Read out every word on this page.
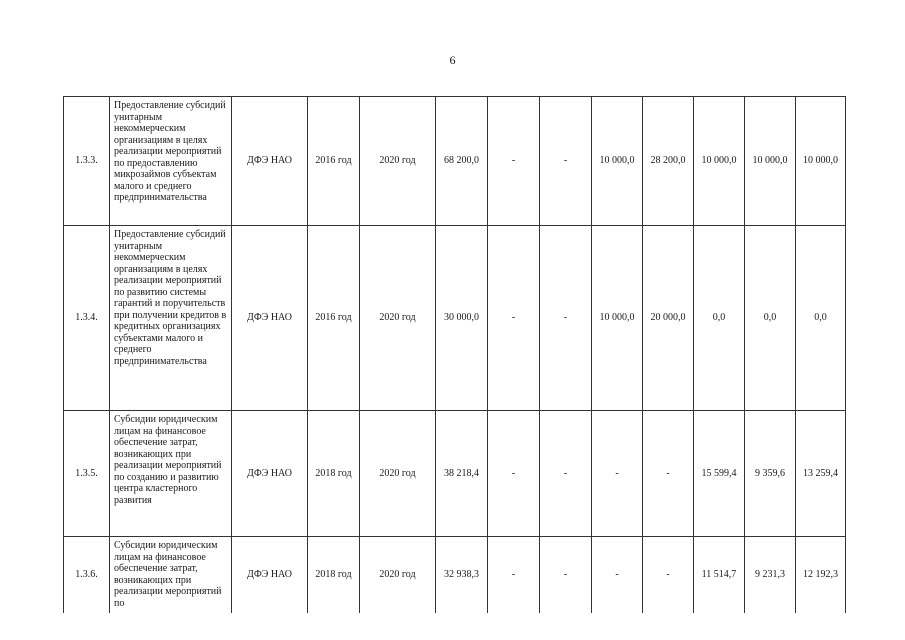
6
1.3.3.	Предоставление субсидий унитарным некоммерческим организациям в целях реализации мероприятий по предоставлению микрозаймов субъектам малого и среднего предпринимательства	ДФЭ НАО	2016 год	2020 год	68 200,0	-	-	10 000,0	28 200,0	10 000,0	10 000,0	10 000,0
1.3.4.	Предоставление субсидий унитарным некоммерческим организациям в целях реализации мероприятий по развитию системы гарантий и поручительств при получении кредитов в кредитных организациях субъектами малого и среднего предпринимательства	ДФЭ НАО	2016 год	2020 год	30 000,0	-	-	10 000,0	20 000,0	0,0	0,0	0,0
1.3.5.	Субсидии юридическим лицам на финансовое обеспечение затрат, возникающих при реализации мероприятий по созданию и развитию центра кластерного развития	ДФЭ НАО	2018 год	2020 год	38 218,4	-	-	-	-	15 599,4	9 359,6	13 259,4
1.3.6.	Субсидии юридическим лицам на финансовое обеспечение затрат, возникающих при реализации мероприятий по	ДФЭ НАО	2018 год	2020 год	32 938,3	-	-	-	-	11 514,7	9 231,3	12 192,3
